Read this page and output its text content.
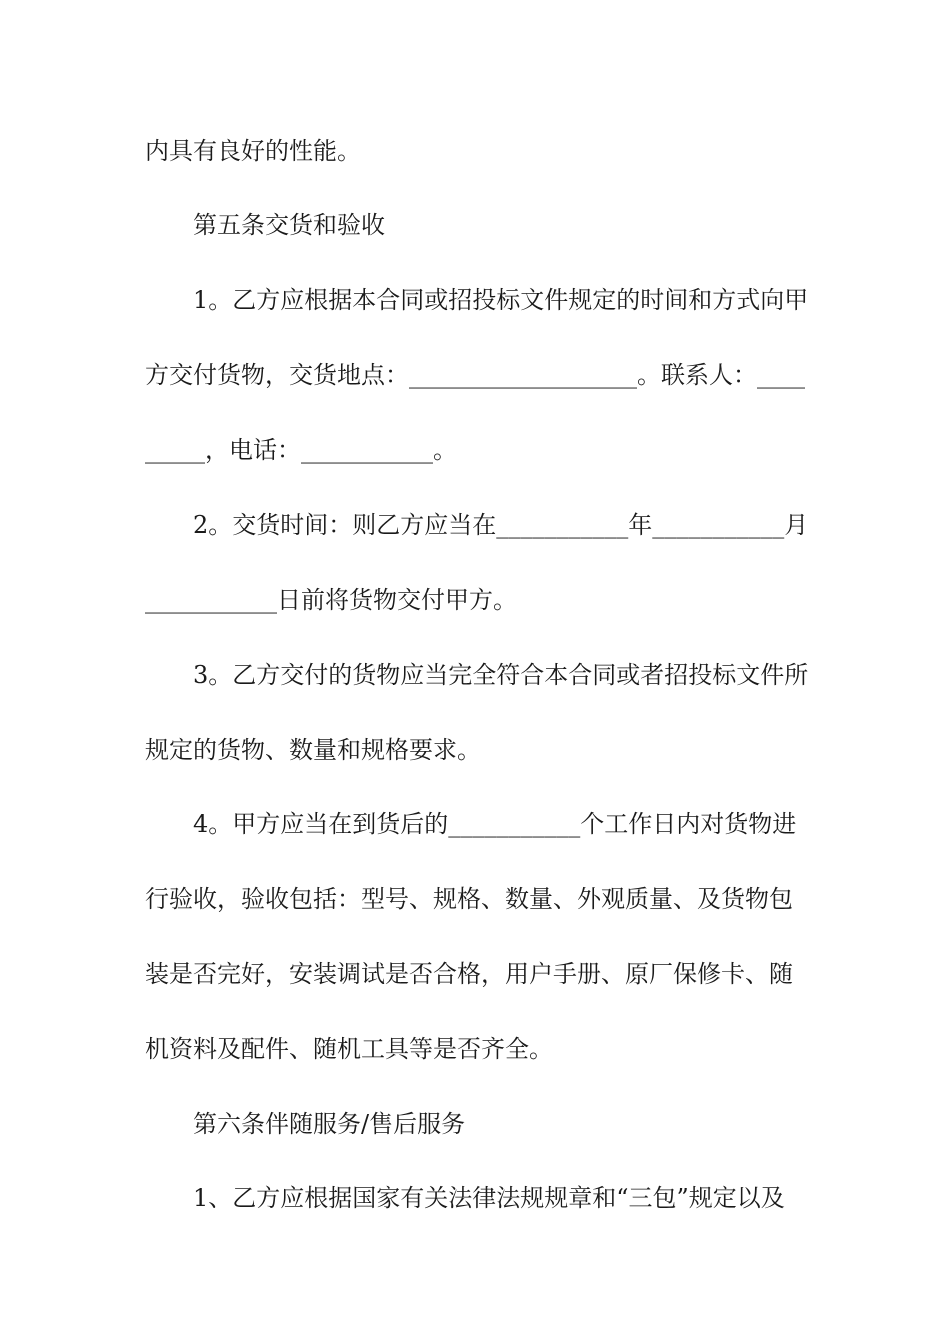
内具有良好的性能。
第五条交货和验收
1。乙方应根据本合同或招投标文件规定的时间和方式向甲
方交付货物，交货地点：___________________。联系人：____
_____，电话：___________。
2。交货时间：则乙方应当在___________年___________月
___________日前将货物交付甲方。
3。乙方交付的货物应当完全符合本合同或者招投标文件所
规定的货物、数量和规格要求。
4。甲方应当在到货后的___________个工作日内对货物进
行验收，验收包括：型号、规格、数量、外观质量、及货物包
装是否完好，安装调试是否合格，用户手册、原厂保修卡、随
机资料及配件、随机工具等是否齐全。
第六条伴随服务/售后服务
1、乙方应根据国家有关法律法规规章和“三包”规定以及
